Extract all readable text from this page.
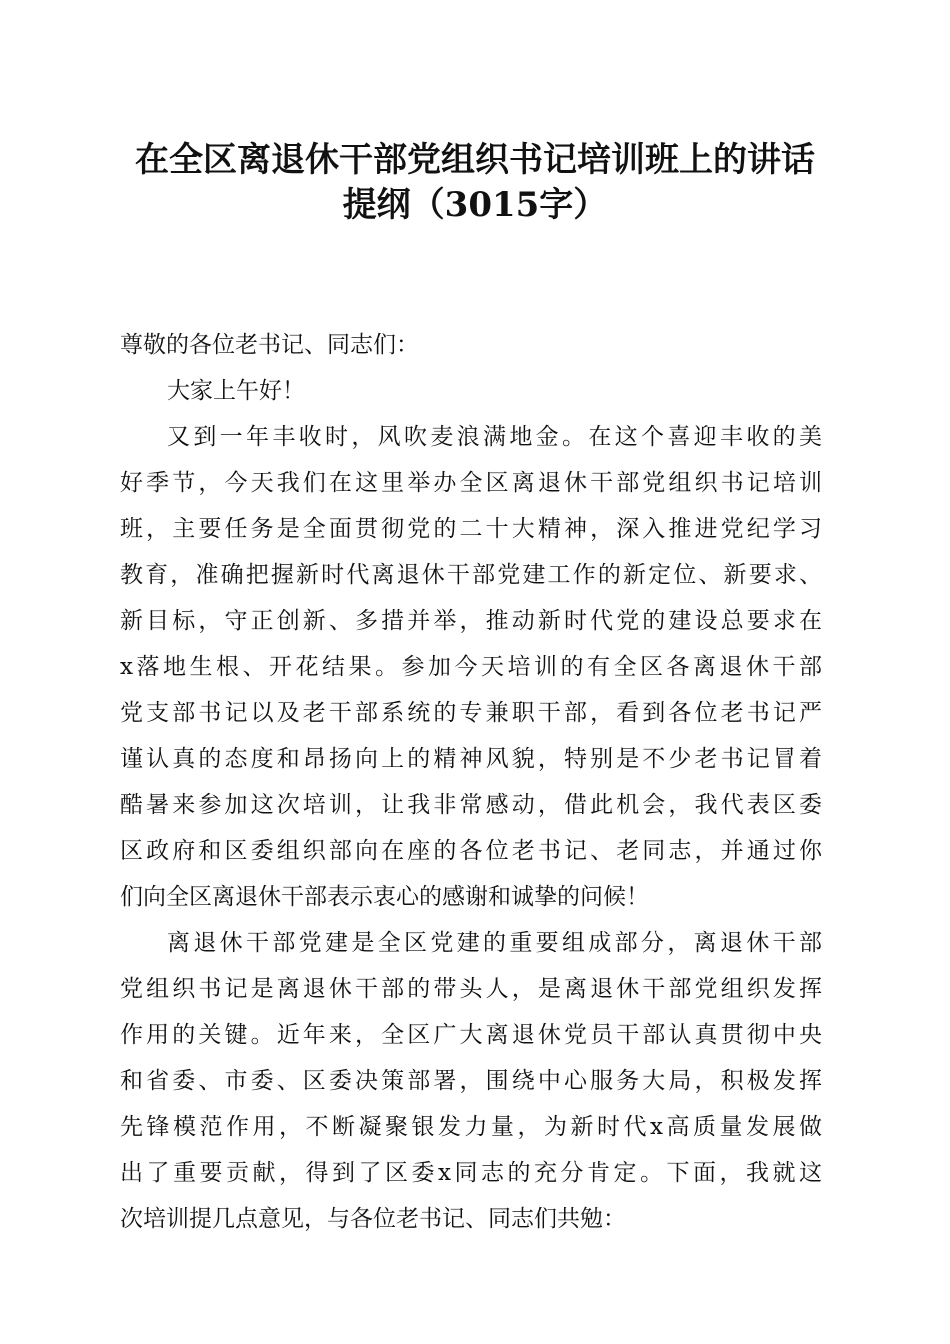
在全区离退休干部党组织书记培训班上的讲话
提纲（3015字）
尊敬的各位老书记、同志们：
大家上午好！
又到一年丰收时，风吹麦浪满地金。在这个喜迎丰收的美
好季节，今天我们在这里举办全区离退休干部党组织书记培训
班，主要任务是全面贯彻党的二十大精神，深入推进党纪学习
教育，准确把握新时代离退休干部党建工作的新定位、新要求、
新目标，守正创新、多措并举，推动新时代党的建设总要求在
x落地生根、开花结果。参加今天培训的有全区各离退休干部
党支部书记以及老干部系统的专兼职干部，看到各位老书记严
谨认真的态度和昂扬向上的精神风貌，特别是不少老书记冒着
酷暑来参加这次培训，让我非常感动，借此机会，我代表区委
区政府和区委组织部向在座的各位老书记、老同志，并通过你
们向全区离退休干部表示衷心的感谢和诚挚的问候！
离退休干部党建是全区党建的重要组成部分，离退休干部
党组织书记是离退休干部的带头人，是离退休干部党组织发挥
作用的关键。近年来，全区广大离退休党员干部认真贯彻中央
和省委、市委、区委决策部署，围绕中心服务大局，积极发挥
先锋模范作用，不断凝聚银发力量，为新时代x高质量发展做
出了重要贡献，得到了区委x同志的充分肯定。下面，我就这
次培训提几点意见，与各位老书记、同志们共勉：
